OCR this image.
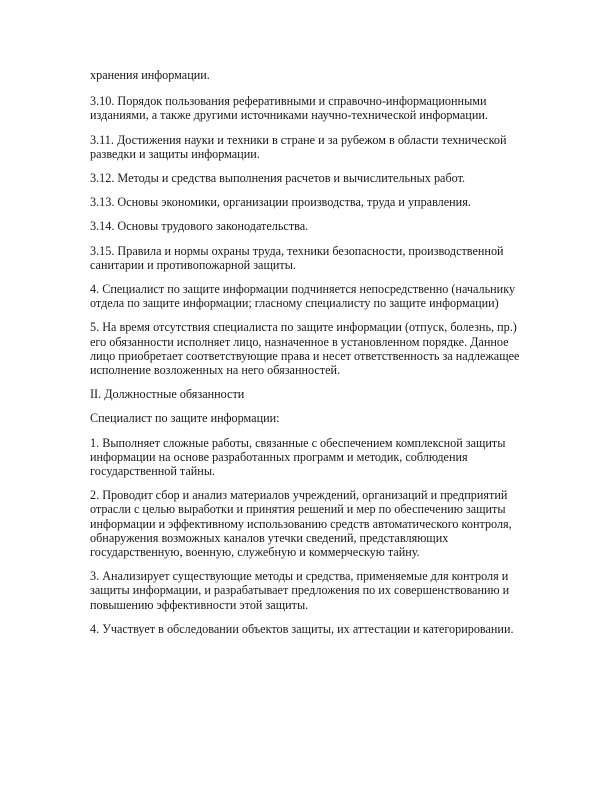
хранения информации.

3.10. Порядок пользования реферативными и справочно-информационными изданиями, а также другими источниками научно-технической информации.

3.11. Достижения науки и техники в стране и за рубежом в области технической разведки и защиты информации.

3.12. Методы и средства выполнения расчетов и вычислительных работ.

3.13. Основы экономики, организации производства, труда и управления.

3.14. Основы трудового законодательства.

3.15. Правила и нормы охраны труда, техники безопасности, производственной санитарии и противопожарной защиты.

4. Специалист по защите информации подчиняется непосредственно (начальнику отдела по защите информации; гласному специалисту по защите информации)

5. На время отсутствия специалиста по защите информации (отпуск, болезнь, пр.) его обязанности исполняет лицо, назначенное в установленном порядке. Данное лицо приобретает соответствующие права и несет ответственность за надлежащее исполнение возложенных на него обязанностей.

II. Должностные обязанности

Специалист по защите информации:

1. Выполняет сложные работы, связанные с обеспечением комплексной защиты информации на основе разработанных программ и методик, соблюдения государственной тайны.

2. Проводит сбор и анализ материалов учреждений, организаций и предприятий отрасли с целью выработки и принятия решений и мер по обеспечению защиты информации и эффективному использованию средств автоматического контроля, обнаружения возможных каналов утечки сведений, представляющих государственную, военную, служебную и коммерческую тайну.

3. Анализирует существующие методы и средства, применяемые для контроля и защиты информации, и разрабатывает предложения по их совершенствованию и повышению эффективности этой защиты.

4. Участвует в обследовании объектов защиты, их аттестации и категорировании.
